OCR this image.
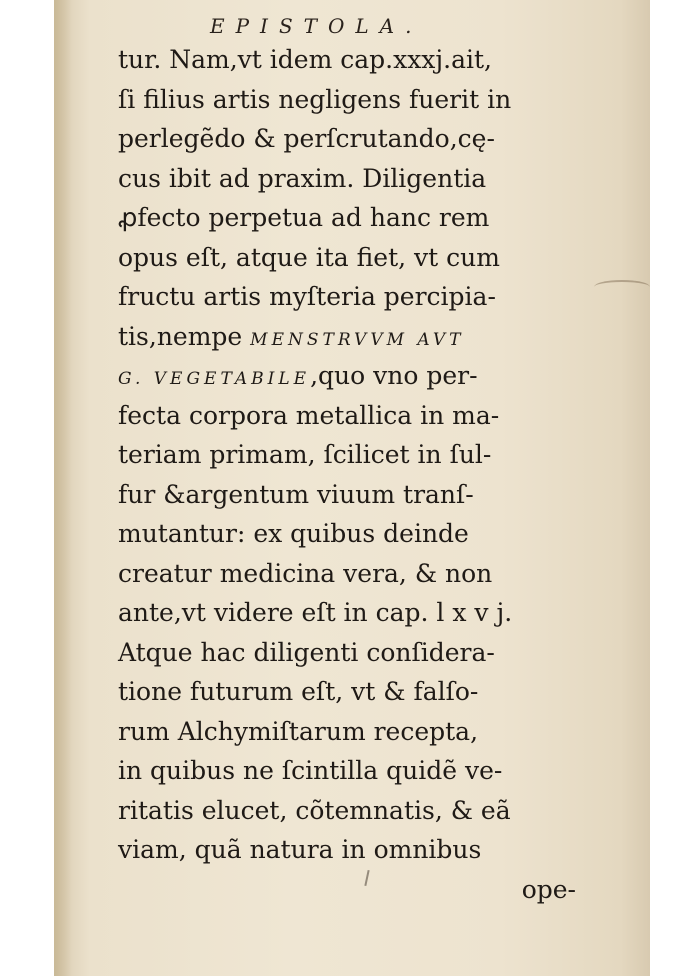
EPISTOLA.
tur. Nam,vt idem cap.xxxj.ait,
ſi filius artis negligens fuerit in
perlegẽdo & perſcrutando,cę-
cus ibit ad praxim. Diligentia
ꝓfecto perpetua ad hanc rem
opus eſt, atque ita fiet, vt cum
fructu artis myſteria percipia-
tis,nempe MENSTRVVM AVT
G. VEGETABILE,quo vno per-
fecta corpora metallica in ma-
teriam primam, ſcilicet in ſul-
fur &argentum viuum tranſ-
mutantur: ex quibus deinde
creatur medicina vera, & non
ante,vt videre eſt in cap. l x v j.
Atque hac diligenti conſidera-
tione futurum eſt, vt & falſo-
rum Alchymiſtarum recepta,
in quibus ne ſcintilla quidẽ ve-
ritatis elucet, cõtemnatis, & eã
viam, quã natura in omnibus
ope-
